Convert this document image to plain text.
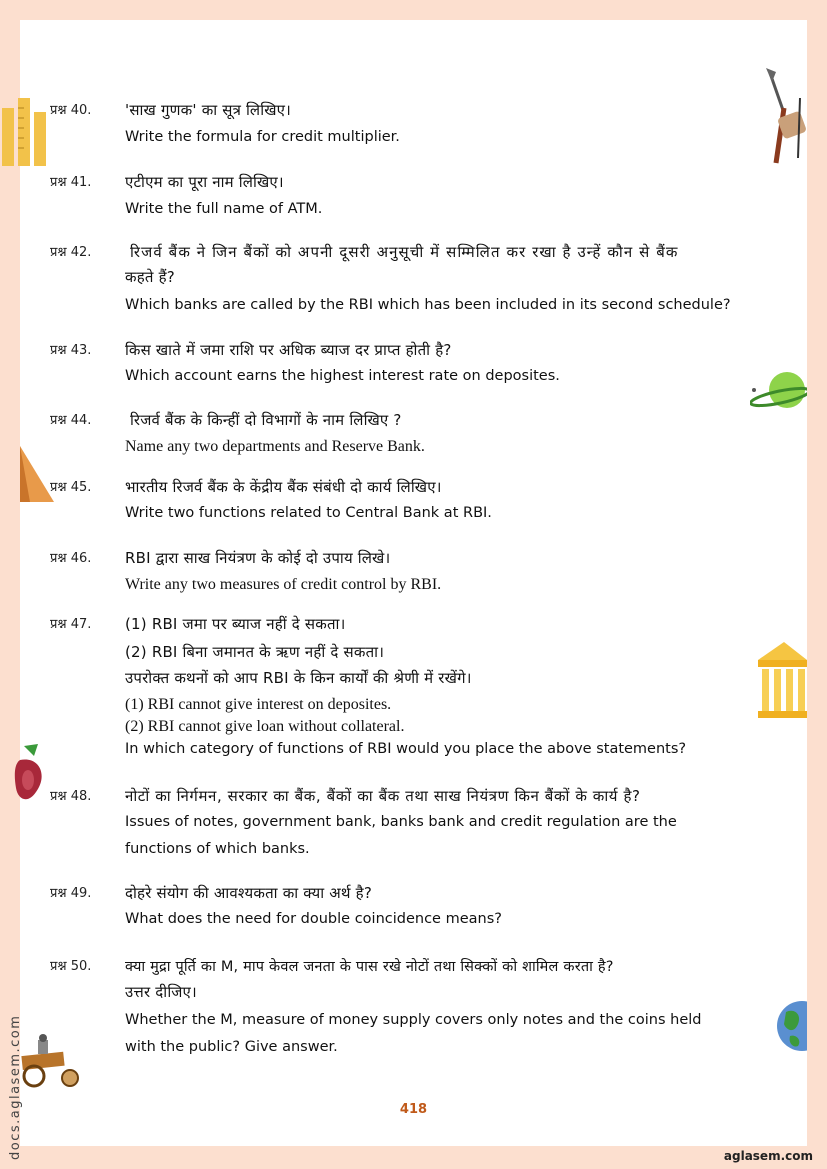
प्रश्न 40. 'साख गुणक' का सूत्र लिखिए।
Write the formula for credit multiplier.
प्रश्न 41. एटीएम का पूरा नाम लिखिए।
Write the full name of ATM.
प्रश्न 42.	रिजर्व बैंक ने जिन बैंकों को अपनी दूसरी अनुसूची में सम्मिलित कर रखा है उन्हें कौन से बैंक
कहते हैं?
Which banks are called by the RBI which has been included in its second schedule?
प्रश्न 43. किस खाते में जमा राशि पर अधिक ब्याज दर प्राप्त होती है?
Which account earns the highest interest rate on deposites.
प्रश्न 44.	रिजर्व बैंक के किन्हीं दो विभागों के नाम लिखिए ?
Name any two departments and Reserve Bank.
प्रश्न 45. भारतीय रिजर्व बैंक के केंद्रीय बैंक संबंधी दो कार्य लिखिए।
Write two functions related to Central Bank at RBI.
प्रश्न 46. RBI द्वारा साख नियंत्रण के कोई दो उपाय लिखे।
Write any two measures of credit control by RBI.
प्रश्न 47. (1) RBI जमा पर ब्याज नहीं दे सकता।
(2) RBI बिना जमानत के ऋण नहीं दे सकता।
उपरोक्त कथनों को आप RBI के किन कार्यों की श्रेणी में रखेंगे।
(1) RBI cannot give interest on deposites.
(2) RBI cannot give loan without collateral.
In which category of functions of RBI would you place the above statements?
प्रश्न 48. नोटों का निर्गमन, सरकार का बैंक, बैंकों का बैंक तथा साख नियंत्रण किन बैंकों के कार्य है?
Issues of notes, government bank, banks bank and credit regulation are the
functions of which banks.
प्रश्न 49. दोहरे संयोग की आवश्यकता का क्या अर्थ है?
What does the need for double coincidence means?
प्रश्न 50. क्या मुद्रा पूर्ति का M, माप केवल जनता के पास रखे नोटों तथा सिक्कों को शामिल करता है?
उत्तर दीजिए।
Whether the M, measure of money supply covers only notes and the coins held
with the public? Give answer.
418
docs.aglasem.com	aglasem.com
